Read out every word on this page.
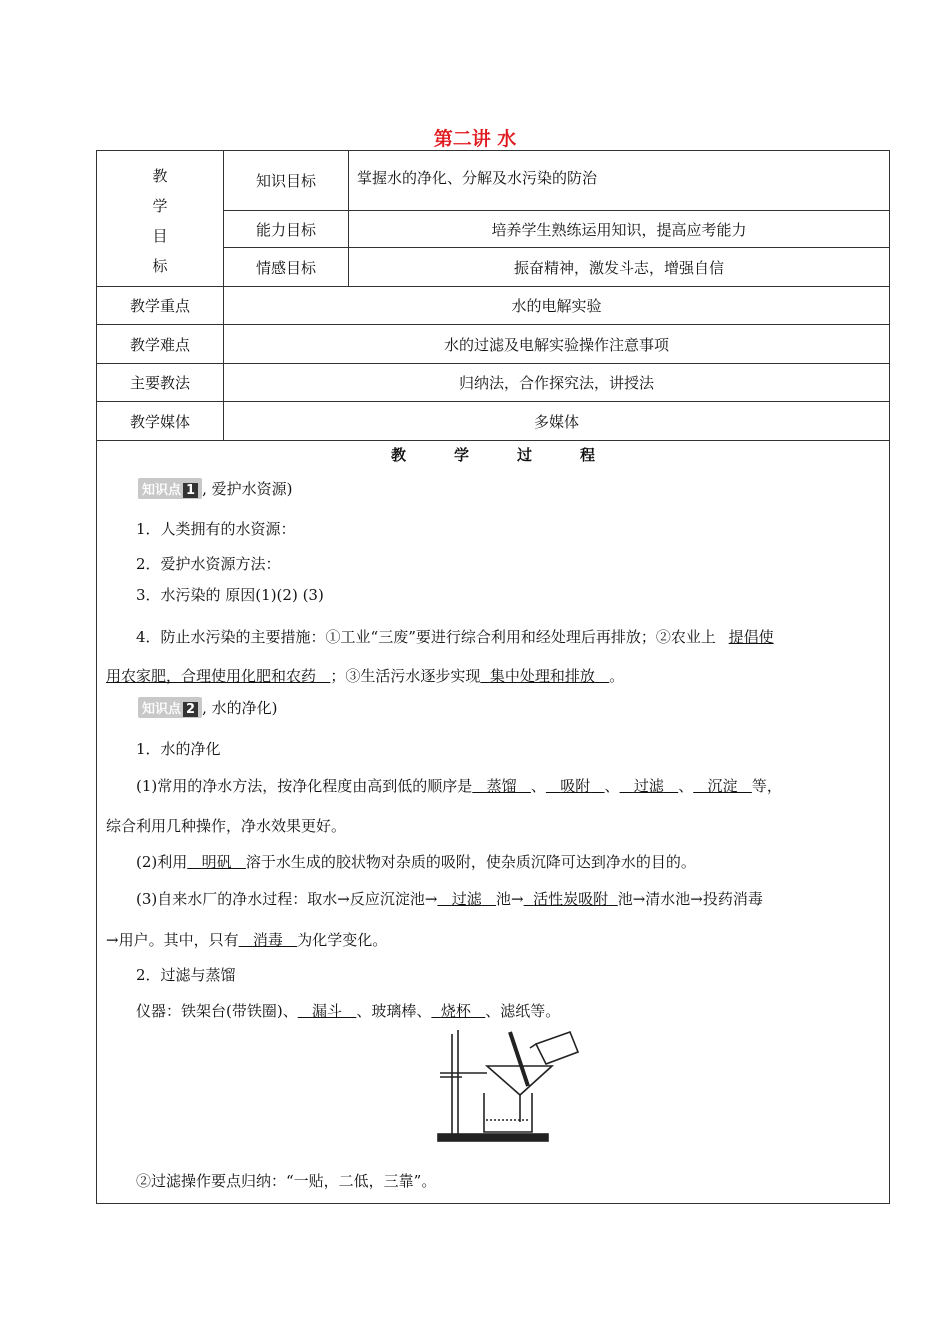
第二讲 水
教
学
目
标	知识目标	掌握水的净化、分解及水污染的防治
	能力目标	培养学生熟练运用知识，提高应考能力
	情感目标	振奋精神，激发斗志，增强自信
教学重点	水的电解实验	
教学难点	水的过滤及电解实验操作注意事项	
主要教法	归纳法，合作探究法，讲授法	
教学媒体	多媒体	
教	学	过	程
知识点 1 , 爱护水资源)
1．人类拥有的水资源：
2．爱护水资源方法：
3．水污染的 原因(1)(2) (3)
4．防止水污染的主要措施：①工业“三废”要进行综合利用和经处理后再排放；②农业上 提倡使
用农家肥，合理使用化肥和农药 ；③生活污水逐步实现 集中处理和排放 。
知识点 2 , 水的净化)
1．水的净化
(1)常用的净水方法，按净化程度由高到低的顺序是 蒸馏 、 吸附 、 过滤 、 沉淀 等，
综合利用几种操作，净水效果更好。
(2)利用 明矾 溶于水生成的胶状物对杂质的吸附，使杂质沉降可达到净水的目的。
(3)自来水厂的净水过程：取水→反应沉淀池→ 过滤 池→ 活性炭吸附 池→清水池→投药消毒
→用户。其中，只有 消毒 为化学变化。
2．过滤与蒸馏
仪器：铁架台(带铁圈)、 漏斗 、玻璃棒、 烧杯 、滤纸等。
②过滤操作要点归纳：“一贴，二低，三靠”。
